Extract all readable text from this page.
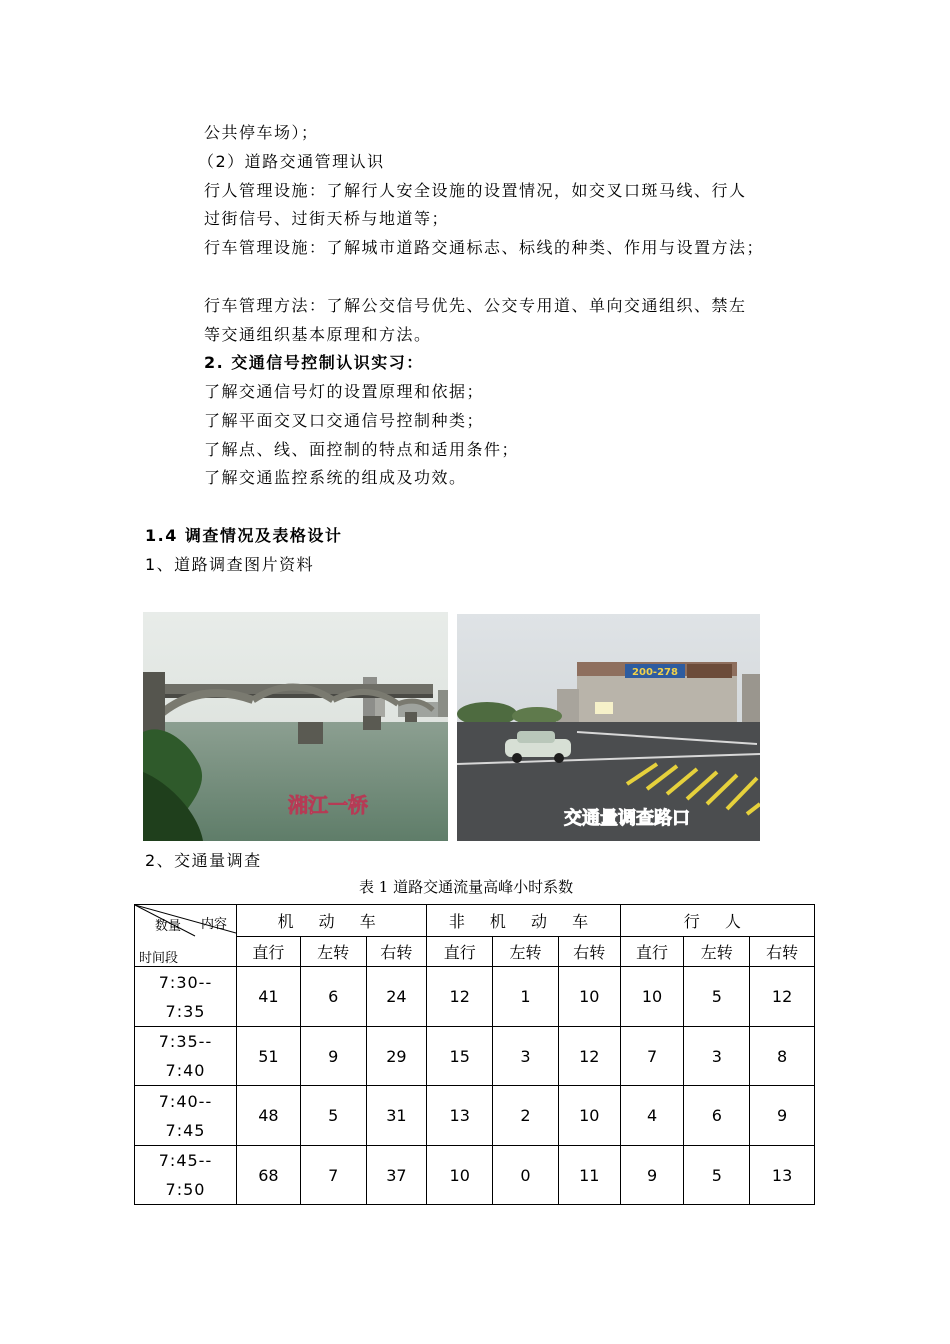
公共停车场）；
（2）道路交通管理认识
行人管理设施：了解行人安全设施的设置情况，如交叉口斑马线、行人
过街信号、过街天桥与地道等；
行车管理设施：了解城市道路交通标志、标线的种类、作用与设置方法；
行车管理方法：了解公交信号优先、公交专用道、单向交通组织、禁左
等交通组织基本原理和方法。
2. 交通信号控制认识实习：
了解交通信号灯的设置原理和依据；
了解平面交叉口交通信号控制种类；
了解点、线、面控制的特点和适用条件；
了解交通监控系统的组成及功效。
1.4 调查情况及表格设计
1、道路调查图片资料
湘江一桥
200-278
交通量调查路口
2、交通量调查
表 1 道路交通流量高峰小时系数
数量 内容
时间段	机 动 车			非 机 动 车			行 人		
	直行	左转	右转	直行	左转	右转	直行	左转	右转

7:30--
7:35	41	6	24	12	1	10	10	5	12

7:35--
7:40	51	9	29	15	3	12	7	3	8

7:40--
7:45	48	5	31	13	2	10	4	6	9

7:45--
7:50	68	7	37	10	0	11	9	5	13
